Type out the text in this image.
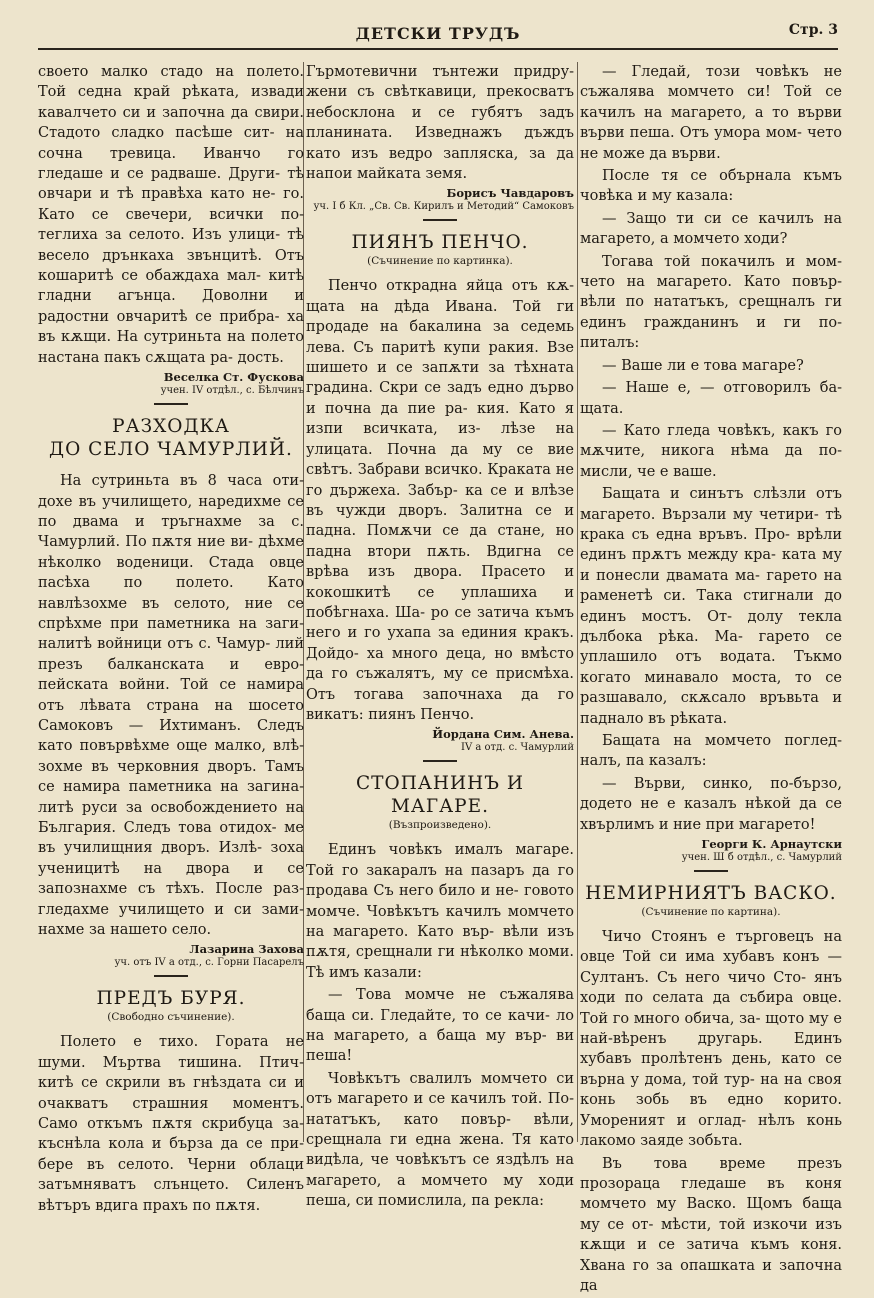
ДЕТСКИ ТРУДЪ	Стр. 3

своето малко стадо на полето. Той седна край рѣката, извади кавалчето си и започна да свири. Стадото сладко пасѣше сит- на сочна тревица. Иванчо го гледаше и се радваше. Други- тѣ овчари и тѣ правѣха като не- го. Като се свечери, всички по- теглиха за селото. Изъ улици- тѣ весело дрънкаха звънцитѣ. Отъ кошаритѣ се обаждаха мал- китѣ гладни агънца. Доволни и радостни овчаритѣ се прибра- ха въ кѫщи. На сутриньта на полето настана пакъ сѫщата ра- дость.

Веселка Ст. Фускова

учен. IV отдѣл., с. Бѣлчинъ

РАЗХОДКА
ДО СЕЛО ЧАМУРЛИЙ.

На сутриньта въ 8 часа оти- дохе въ училището, наредихме се по двама и тръгнахме за с. Чамурлий. По пѫтя ние ви- дѣхме нѣколко воденици. Стада овце пасѣха по полето. Като навлѣзохме въ селото, ние се спрѣхме при паметника на заги- налитѣ войници отъ с. Чамур- лий презъ балканската и евро- пейската войни. Той се намира отъ лѣвата страна на шосето Самоковъ — Ихтиманъ. Следъ като повървѣхме още малко, влѣ- зохме въ черковния дворъ. Тамъ се намира паметника на загина- литѣ руси за освобождението на България. Следъ това отидох- ме въ училищния дворъ. Излѣ- зоха ученицитѣ на двора и се запознахме съ тѣхъ. После раз- гледахме училището и си зами- нахме за нашето село.

Лазарина Захова

уч. отъ IV а отд., с. Горни Пасарелъ

ПРЕДЪ БУРЯ.

(Свободно съчинение).

Полето е тихо. Гората не шуми. Мъртва тишина. Птич- китѣ се скрили въ гнѣздата си и очакватъ страшния моментъ. Само откъмъ пѫтя скрибуца за- къснѣла кола и бърза да се при- бере въ селото. Черни облаци затъмняватъ слънцето. Силенъ вѣтъръ вдига прахъ по пѫтя.

Гърмотевични тънтежи придру- жени съ свѣткавици, прекосватъ небосклона и се губятъ задъ планината. Изведнажъ дъждъ като изъ ведро запляска, за да напои майката земя.

Борисъ Чавдаровъ

уч. I б Кл. „Св. Св. Кирилъ и Методий“ Самоковъ

ПИЯНЪ ПЕНЧО.

(Съчинение по картинка).

Пенчо открадна яйца отъ кѫ- щата на дѣда Ивана. Той ги продаде на бакалина за седемь лева. Съ паритѣ купи ракия. Взе шишето и се запѫти за тѣхната градина. Скри се задъ едно дърво и почна да пие ра- кия. Като я изпи всичката, из- лѣзе на улицата. Почна да му се вие свѣтъ. Забрави всичко. Краката не го държеха. Забър- ка се и влѣзе въ чужди дворъ. Залитна се и падна. Помѫчи се да стане, но падна втори пѫть. Вдигна се врѣва изъ двора. Прасето и кокошкитѣ се уплашиха и побѣгнаха. Ша- ро се затича къмъ него и го ухапа за единия кракъ. Дойдо- ха много деца, но вмѣсто да го съжалятъ, му се присмѣха. Отъ тогава започнаха да го викатъ: пиянъ Пенчо.

Йордана Сим. Анева.

IV а отд. с. Чамурлий

СТОПАНИНЪ И МАГАРЕ.

(Възпроизведено).

Единъ човѣкъ ималъ магаре. Той го закаралъ на пазаръ да го продава Съ него било и не- говото момче. Човѣкътъ качилъ момчето на магарето. Като вър- вѣли изъ пѫтя, срещнали ги нѣколко моми. Тѣ имъ казали:

— Това момче не съжалява баща си. Гледайте, то се качи- ло на магарето, а баща му вър- ви пеша!

Човѣкътъ свалилъ момчето си отъ магарето и се качилъ той. По-нататъкъ, като повър- вѣли, срещнала ги една жена. Тя като видѣла, че човѣкътъ се яздѣлъ на магарето, а момчето му ходи пеша, си помислила, па рекла:

— Гледай, този човѣкъ не съжалява момчето си! Той се качилъ на магарето, а то върви върви пеша. Отъ умора мом- чето не може да върви.

После тя се обърнала къмъ човѣка и му казала:

— Защо ти си се качилъ на магарето, а момчето ходи?

Тогава той покачилъ и мом- чето на магарето. Като повър- вѣли по нататъкъ, срещналъ ги единъ гражданинъ и ги по- питалъ:

— Ваше ли е това магаре?

— Наше е, — отговорилъ ба- щата.

— Като гледа човѣкъ, какъ го мѫчите, никога нѣма да по- мисли, че е ваше.

Бащата и синътъ слѣзли отъ магарето. Вързали му четири- тѣ крака съ една връвъ. Про- врѣли единъ прѫтъ между кра- ката му и понесли двамата ма- гарето на раменетѣ си. Така стигнали до единъ мостъ. От- долу текла дълбока рѣка. Ма- гарето се уплашило отъ водата. Тъкмо когато минавало моста, то се разшавало, скѫсало връвьта и паднало въ рѣката.

Бащата на момчето поглед- налъ, па казалъ:

— Върви, синко, по-бързо, додето не е казалъ нѣкой да се хвърлимъ и ние при магарето!

Георги К. Арнаутски

учен. Ш б отдѣл., с. Чамурлий

НЕМИРНИЯТЪ ВАСКО.

(Съчинение по картина).

Чичо Стоянъ е търговецъ на овце Той си има хубавъ конъ —Султанъ. Съ него чичо Сто- янъ ходи по селата да събира овце. Той го много обича, за- щото му е най-вѣренъ другарь. Единъ хубавъ пролѣтенъ день, като се върна у дома, той тур- на на своя конь зобь въ едно корито. Умореният и оглад- нѣлъ конь лакомо заяде зобьта.

Въ това време презъ прозораца гледаше въ коня момчето му Васко. Щомъ баща му се от- мѣсти, той изкочи изъ кѫщи и се затича къмъ коня. Хвана го за опашката и започна да
